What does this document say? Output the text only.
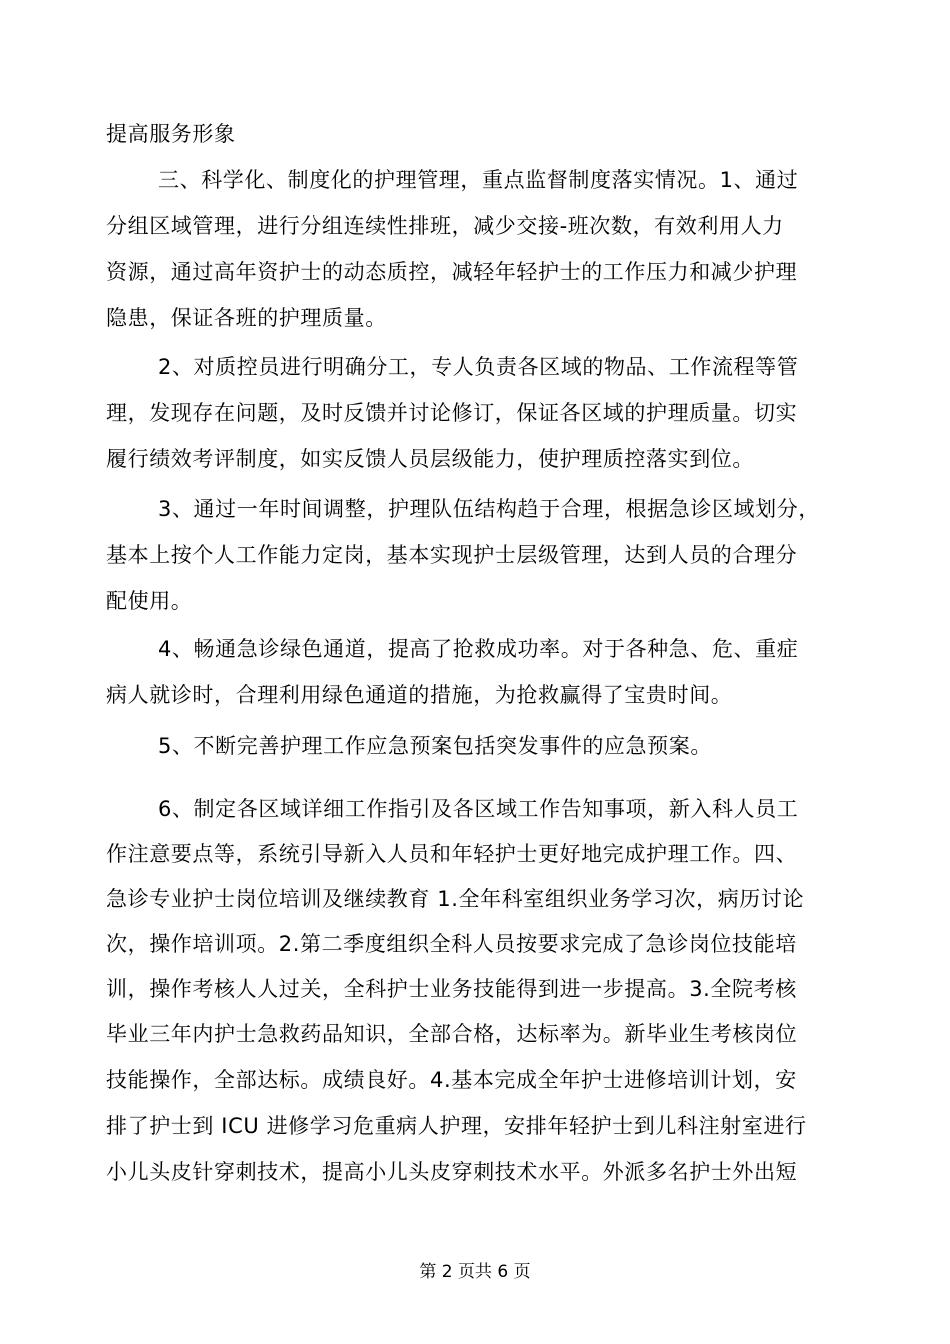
提高服务形象
三、科学化、制度化的护理管理，重点监督制度落实情况。1、通过
分组区域管理，进行分组连续性排班，减少交接-班次数，有效利用人力
资源，通过高年资护士的动态质控，减轻年轻护士的工作压力和减少护理
隐患，保证各班的护理质量。
2、对质控员进行明确分工，专人负责各区域的物品、工作流程等管
理，发现存在问题，及时反馈并讨论修订，保证各区域的护理质量。切实
履行绩效考评制度，如实反馈人员层级能力，使护理质控落实到位。
3、通过一年时间调整，护理队伍结构趋于合理，根据急诊区域划分，
基本上按个人工作能力定岗，基本实现护士层级管理，达到人员的合理分
配使用。
4、畅通急诊绿色通道，提高了抢救成功率。对于各种急、危、重症
病人就诊时，合理利用绿色通道的措施，为抢救赢得了宝贵时间。
5、不断完善护理工作应急预案包括突发事件的应急预案。
6、制定各区域详细工作指引及各区域工作告知事项，新入科人员工
作注意要点等，系统引导新入人员和年轻护士更好地完成护理工作。四、
急诊专业护士岗位培训及继续教育 1.全年科室组织业务学习次，病历讨论
次，操作培训项。2.第二季度组织全科人员按要求完成了急诊岗位技能培
训，操作考核人人过关，全科护士业务技能得到进一步提高。3.全院考核
毕业三年内护士急救药品知识，全部合格，达标率为。新毕业生考核岗位
技能操作，全部达标。成绩良好。4.基本完成全年护士进修培训计划，安
排了护士到 ICU 进修学习危重病人护理，安排年轻护士到儿科注射室进行
小儿头皮针穿刺技术，提高小儿头皮穿刺技术水平。外派多名护士外出短
第 2 页共 6 页
